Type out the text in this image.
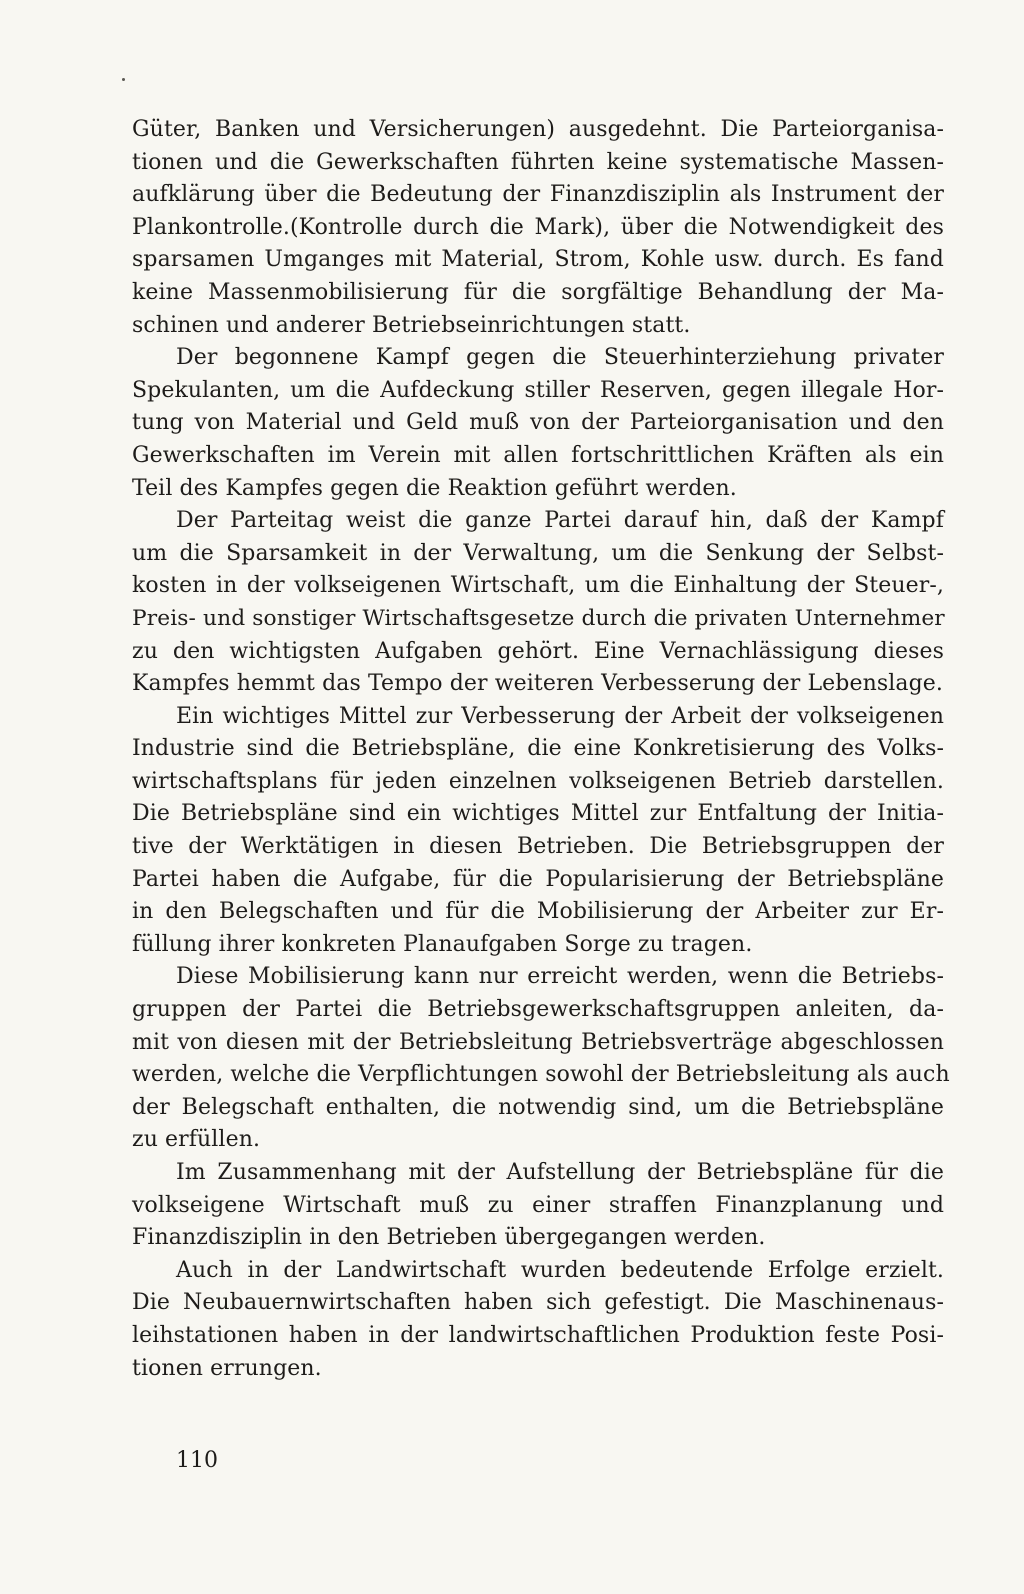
Güter, Banken und Versicherungen) ausgedehnt. Die Parteiorganisa-
tionen und die Gewerkschaften führten keine systematische Massen-
aufklärung über die Bedeutung der Finanzdisziplin als Instrument der
Plankontrolle.(Kontrolle durch die Mark), über die Notwendigkeit des
sparsamen Umganges mit Material, Strom, Kohle usw. durch. Es fand
keine Massenmobilisierung für die sorgfältige Behandlung der Ma-
schinen und anderer Betriebseinrichtungen statt.
Der begonnene Kampf gegen die Steuerhinterziehung privater
Spekulanten, um die Aufdeckung stiller Reserven, gegen illegale Hor-
tung von Material und Geld muß von der Parteiorganisation und den
Gewerkschaften im Verein mit allen fortschrittlichen Kräften als ein
Teil des Kampfes gegen die Reaktion geführt werden.
Der Parteitag weist die ganze Partei darauf hin, daß der Kampf
um die Sparsamkeit in der Verwaltung, um die Senkung der Selbst-
kosten in der volkseigenen Wirtschaft, um die Einhaltung der Steuer-,
Preis- und sonstiger Wirtschaftsgesetze durch die privaten Unternehmer
zu den wichtigsten Aufgaben gehört. Eine Vernachlässigung dieses
Kampfes hemmt das Tempo der weiteren Verbesserung der Lebenslage.
Ein wichtiges Mittel zur Verbesserung der Arbeit der volkseigenen
Industrie sind die Betriebspläne, die eine Konkretisierung des Volks-
wirtschaftsplans für jeden einzelnen volkseigenen Betrieb darstellen.
Die Betriebspläne sind ein wichtiges Mittel zur Entfaltung der Initia-
tive der Werktätigen in diesen Betrieben. Die Betriebsgruppen der
Partei haben die Aufgabe, für die Popularisierung der Betriebspläne
in den Belegschaften und für die Mobilisierung der Arbeiter zur Er-
füllung ihrer konkreten Planaufgaben Sorge zu tragen.
Diese Mobilisierung kann nur erreicht werden, wenn die Betriebs-
gruppen der Partei die Betriebsgewerkschaftsgruppen anleiten, da-
mit von diesen mit der Betriebsleitung Betriebsverträge abgeschlossen
werden, welche die Verpflichtungen sowohl der Betriebsleitung als auch
der Belegschaft enthalten, die notwendig sind, um die Betriebspläne
zu erfüllen.
Im Zusammenhang mit der Aufstellung der Betriebspläne für die
volkseigene Wirtschaft muß zu einer straffen Finanzplanung und
Finanzdisziplin in den Betrieben übergegangen werden.
Auch in der Landwirtschaft wurden bedeutende Erfolge erzielt.
Die Neubauernwirtschaften haben sich gefestigt. Die Maschinenaus-
leihstationen haben in der landwirtschaftlichen Produktion feste Posi-
tionen errungen.
110
